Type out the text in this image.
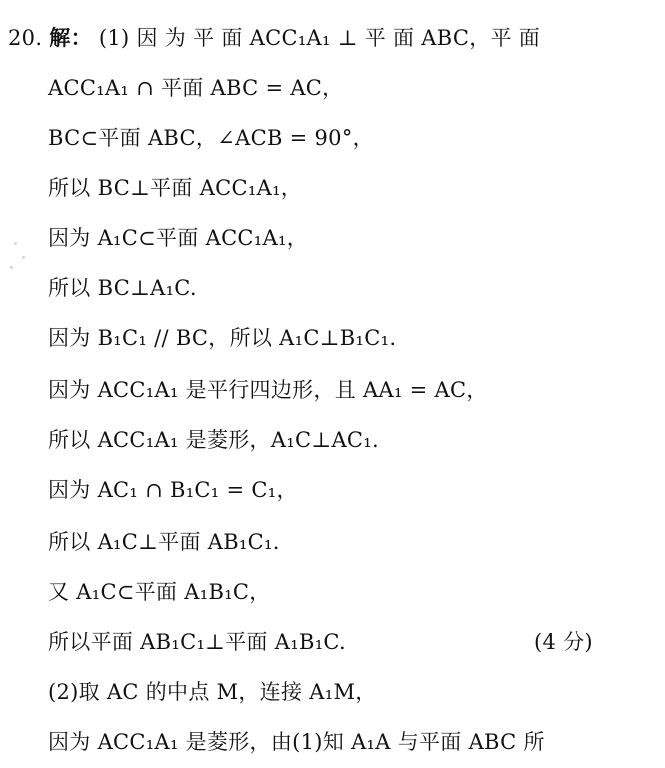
20. 解： (1) 因 为 平 面 ACC₁A₁ ⊥ 平 面 ABC，平 面
ACC₁A₁ ∩ 平面 ABC = AC，
BC⊂平面 ABC，∠ACB = 90°，
所以 BC⊥平面 ACC₁A₁，
因为 A₁C⊂平面 ACC₁A₁，
所以 BC⊥A₁C.
因为 B₁C₁ // BC，所以 A₁C⊥B₁C₁.
因为 ACC₁A₁ 是平行四边形，且 AA₁ = AC，
所以 ACC₁A₁ 是菱形，A₁C⊥AC₁.
因为 AC₁ ∩ B₁C₁ = C₁，
所以 A₁C⊥平面 AB₁C₁.
又 A₁C⊂平面 A₁B₁C，
所以平面 AB₁C₁⊥平面 A₁B₁C.	(4 分)
(2)取 AC 的中点 M，连接 A₁M，
因为 ACC₁A₁ 是菱形，由(1)知 A₁A 与平面 ABC 所
